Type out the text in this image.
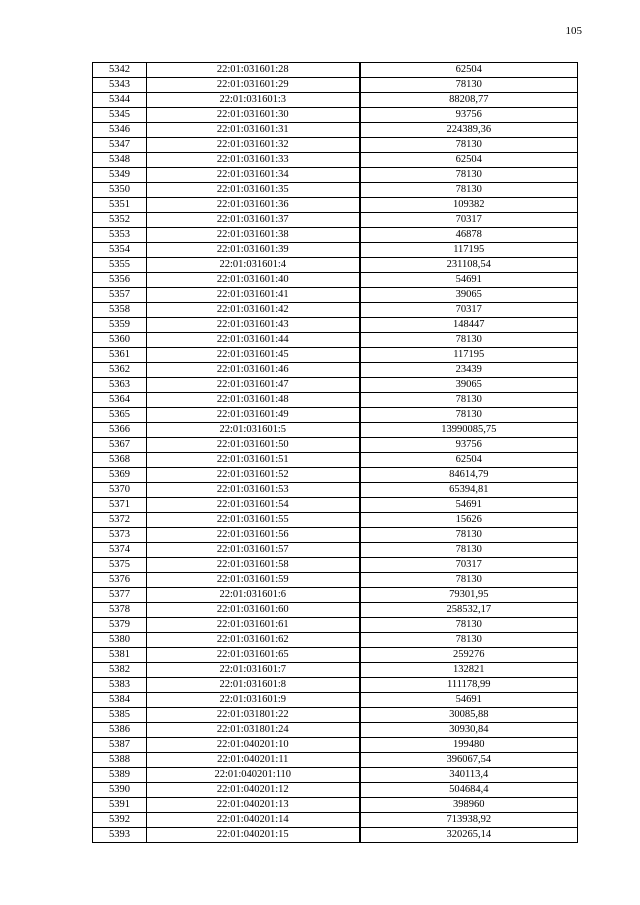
105
5342	22:01:031601:28	62504
5343	22:01:031601:29	78130
5344	22:01:031601:3	88208,77
5345	22:01:031601:30	93756
5346	22:01:031601:31	224389,36
5347	22:01:031601:32	78130
5348	22:01:031601:33	62504
5349	22:01:031601:34	78130
5350	22:01:031601:35	78130
5351	22:01:031601:36	109382
5352	22:01:031601:37	70317
5353	22:01:031601:38	46878
5354	22:01:031601:39	117195
5355	22:01:031601:4	231108,54
5356	22:01:031601:40	54691
5357	22:01:031601:41	39065
5358	22:01:031601:42	70317
5359	22:01:031601:43	148447
5360	22:01:031601:44	78130
5361	22:01:031601:45	117195
5362	22:01:031601:46	23439
5363	22:01:031601:47	39065
5364	22:01:031601:48	78130
5365	22:01:031601:49	78130
5366	22:01:031601:5	13990085,75
5367	22:01:031601:50	93756
5368	22:01:031601:51	62504
5369	22:01:031601:52	84614,79
5370	22:01:031601:53	65394,81
5371	22:01:031601:54	54691
5372	22:01:031601:55	15626
5373	22:01:031601:56	78130
5374	22:01:031601:57	78130
5375	22:01:031601:58	70317
5376	22:01:031601:59	78130
5377	22:01:031601:6	79301,95
5378	22:01:031601:60	258532,17
5379	22:01:031601:61	78130
5380	22:01:031601:62	78130
5381	22:01:031601:65	259276
5382	22:01:031601:7	132821
5383	22:01:031601:8	111178,99
5384	22:01:031601:9	54691
5385	22:01:031801:22	30085,88
5386	22:01:031801:24	30930,84
5387	22:01:040201:10	199480
5388	22:01:040201:11	396067,54
5389	22:01:040201:110	340113,4
5390	22:01:040201:12	504684,4
5391	22:01:040201:13	398960
5392	22:01:040201:14	713938,92
5393	22:01:040201:15	320265,14
